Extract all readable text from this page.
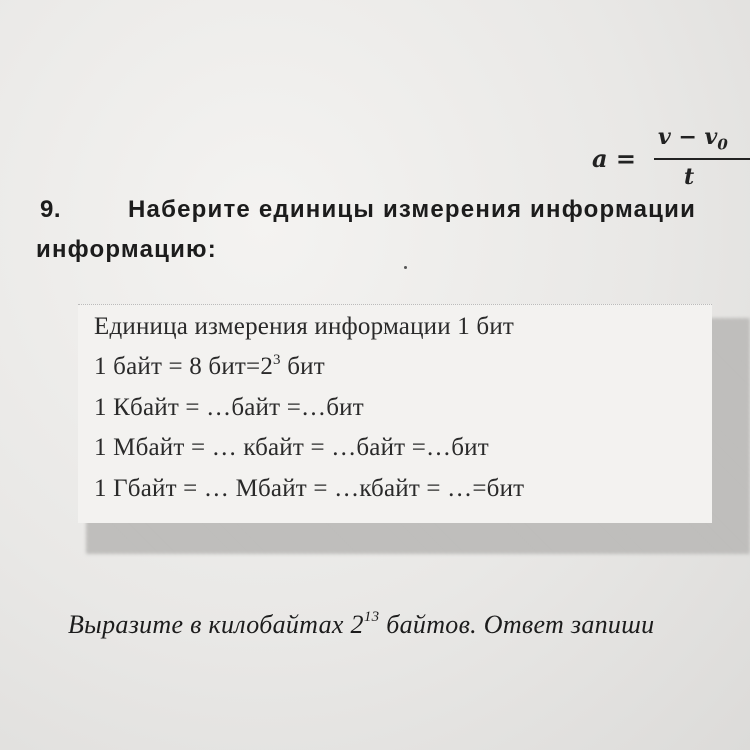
a =
$v - v_0$
t
9.	Наберите единицы измерения информации
информацию:
Единица измерения информации 1 бит
1 байт = 8 $бит=2^3$ бит
1 Кбайт = …байт =…бит
1 Мбайт = … кбайт = …байт =…бит
1 Гбайт = … Мбайт = …кбайт = …=бит
Выразите в килобайтах $2^{13}$ байтов. Ответ запиши
